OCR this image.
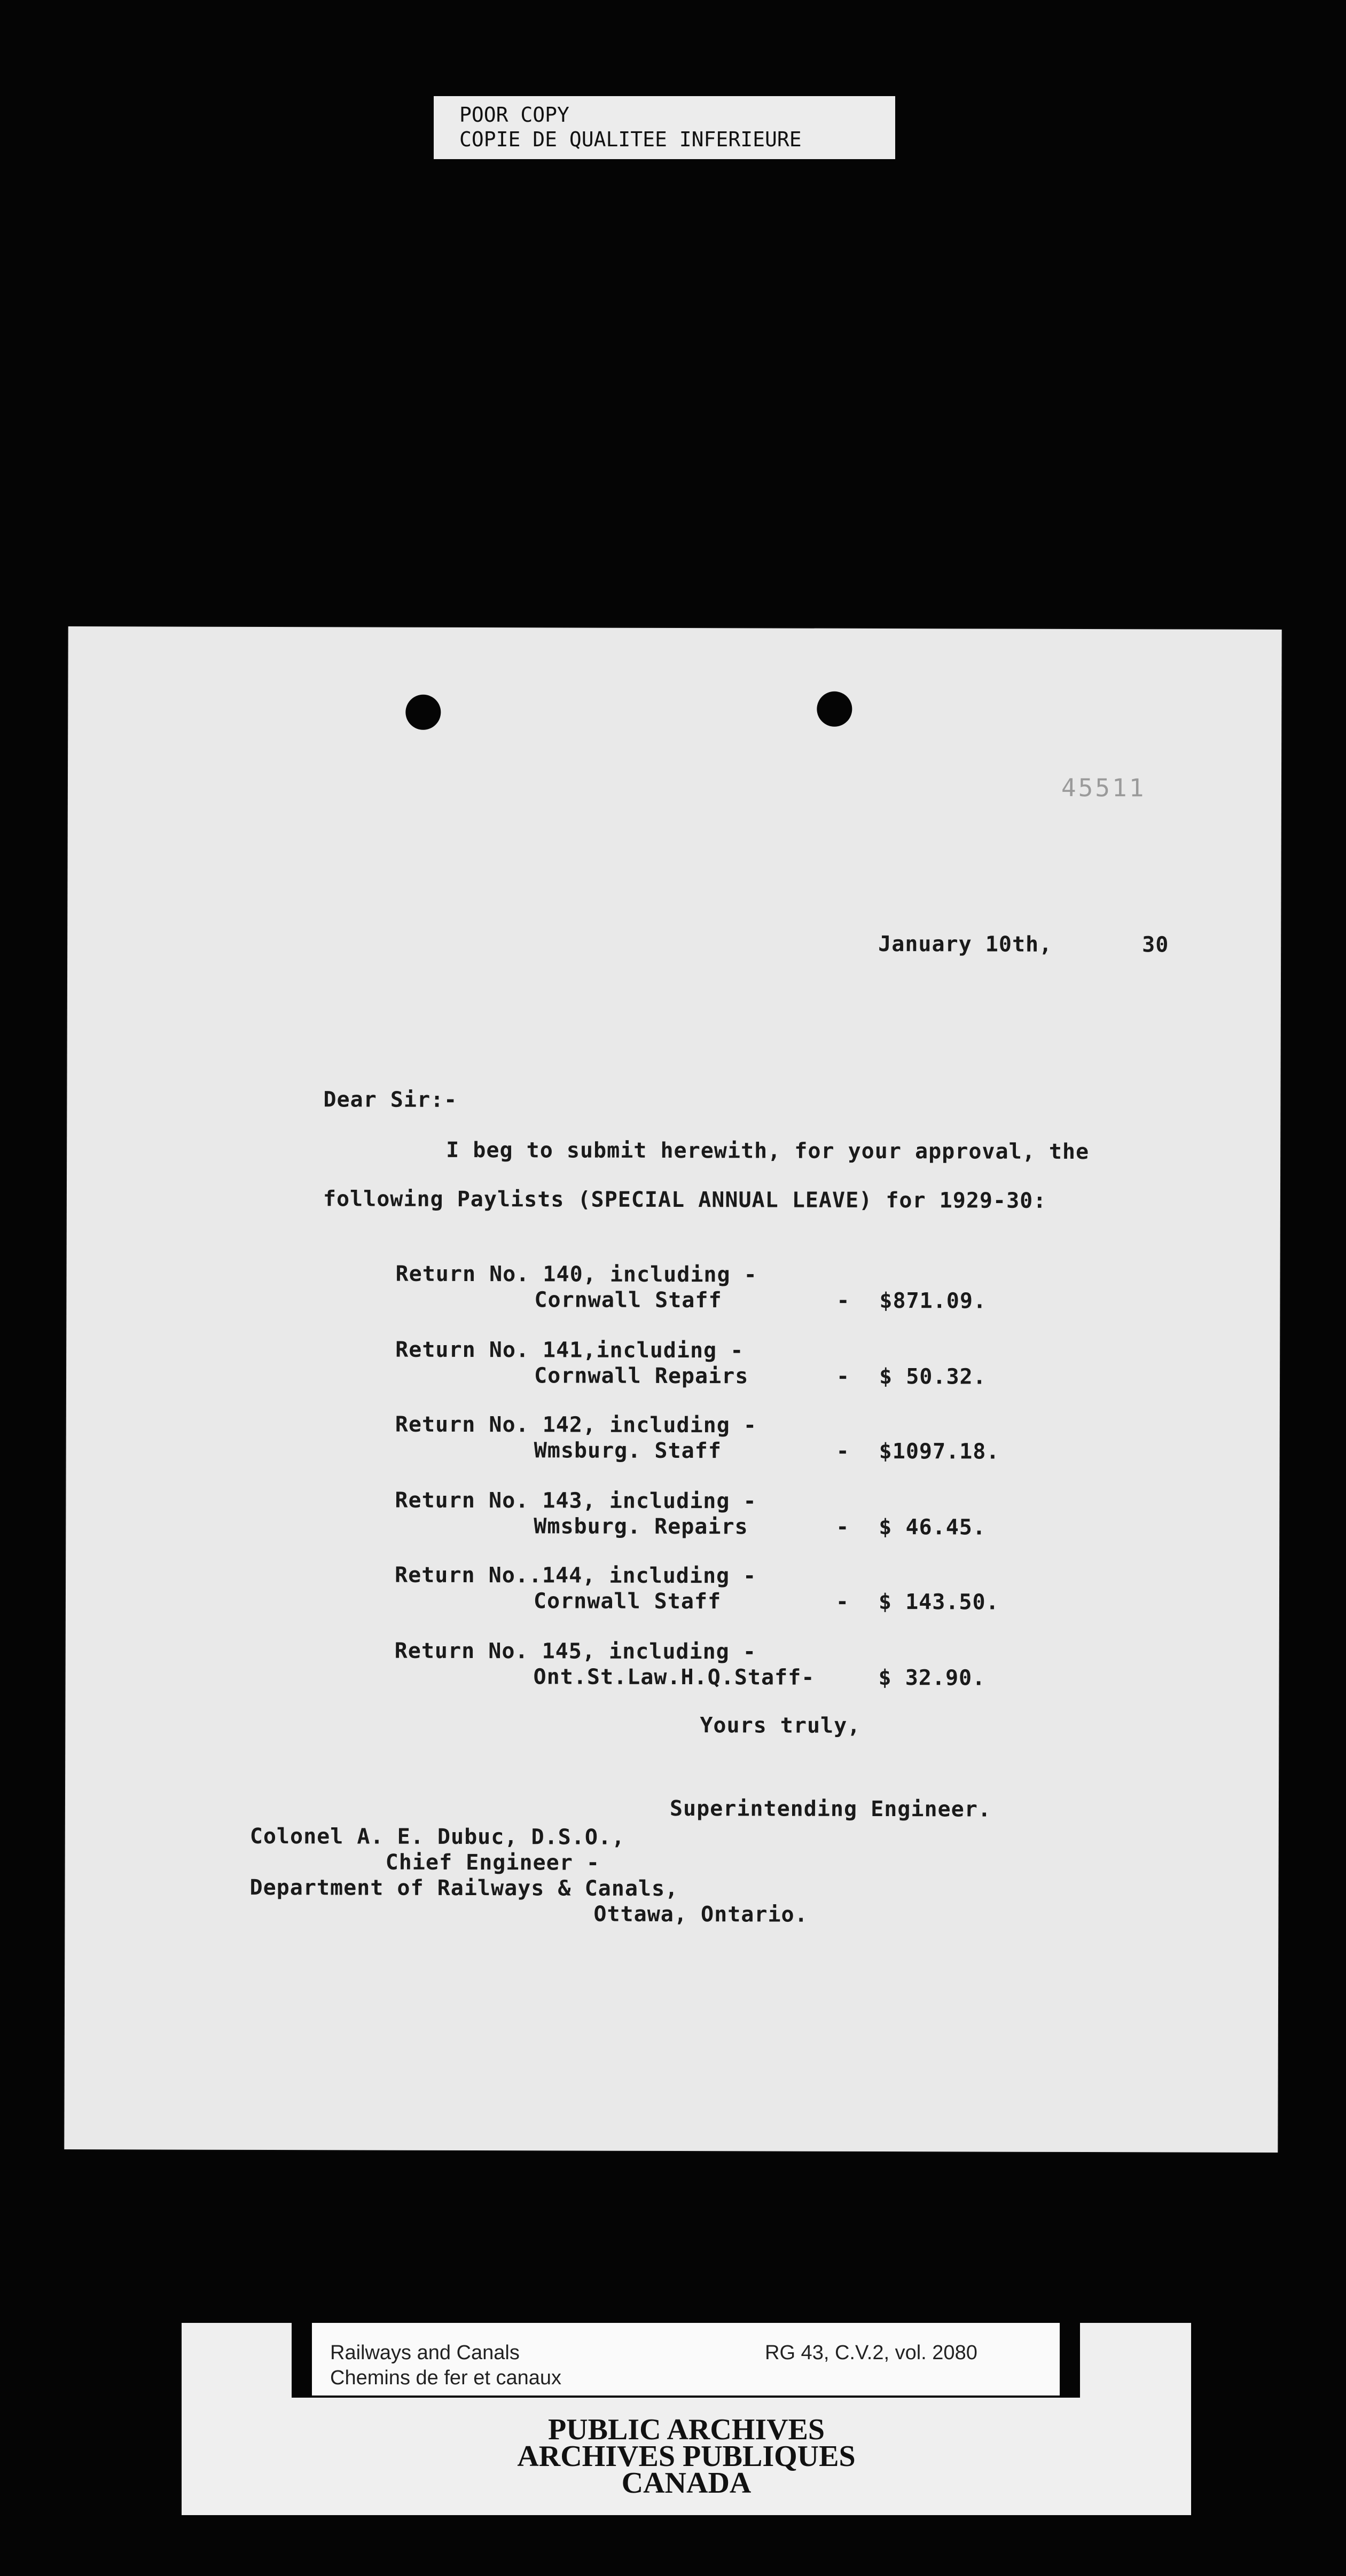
POOR COPY
COPIE DE QUALITEE INFERIEURE
45511
January 10th,	30
Dear Sir:-
I beg to submit herewith, for your approval, the
following Paylists (SPECIAL ANNUAL LEAVE) for 1929-30:
Return No. 140, including -
Cornwall Staff	- $871.09.
Return No. 141,including -
Cornwall Repairs	- $ 50.32.
Return No. 142, including -
Wmsburg. Staff	- $1097.18.
Return No. 143, including -
Wmsburg. Repairs	- $ 46.45.
Return No..144, including -
Cornwall Staff	- $ 143.50.
Return No. 145, including -
Ont.St.Law.H.Q.Staff-	$ 32.90.
Yours truly,
Superintending Engineer.
Colonel A. E. Dubuc, D.S.O.,
Chief Engineer -
Department of Railways & Canals,
Ottawa, Ontario.
Railways and Canals
Chemins de fer et canaux
RG 43, C.V.2, vol. 2080
PUBLIC ARCHIVES
ARCHIVES PUBLIQUES
CANADA
